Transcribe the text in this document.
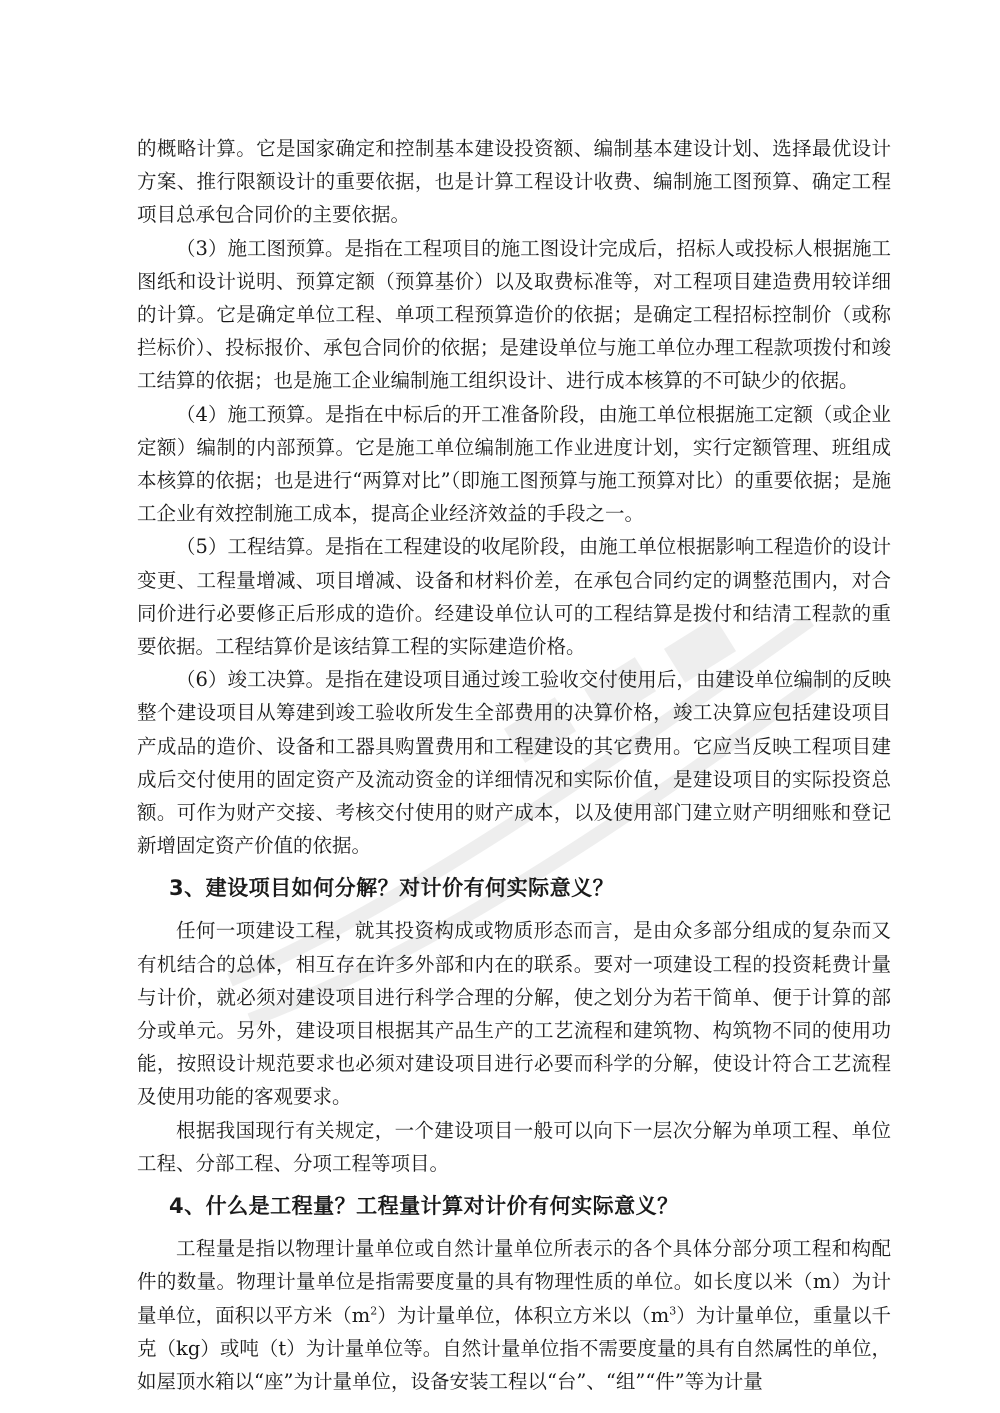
的概略计算。它是国家确定和控制基本建设投资额、编制基本建设计划、选择最优设计方案、推行限额设计的重要依据，也是计算工程设计收费、编制施工图预算、确定工程项目总承包合同价的主要依据。

（3）施工图预算。是指在工程项目的施工图设计完成后，招标人或投标人根据施工图纸和设计说明、预算定额（预算基价）以及取费标准等，对工程项目建造费用较详细的计算。它是确定单位工程、单项工程预算造价的依据；是确定工程招标控制价（或称拦标价）、投标报价、承包合同价的依据；是建设单位与施工单位办理工程款项拨付和竣工结算的依据；也是施工企业编制施工组织设计、进行成本核算的不可缺少的依据。

（4）施工预算。是指在中标后的开工准备阶段，由施工单位根据施工定额（或企业定额）编制的内部预算。它是施工单位编制施工作业进度计划，实行定额管理、班组成本核算的依据；也是进行“两算对比”（即施工图预算与施工预算对比）的重要依据；是施工企业有效控制施工成本，提高企业经济效益的手段之一。

（5）工程结算。是指在工程建设的收尾阶段，由施工单位根据影响工程造价的设计变更、工程量增减、项目增减、设备和材料价差，在承包合同约定的调整范围内，对合同价进行必要修正后形成的造价。经建设单位认可的工程结算是拨付和结清工程款的重要依据。工程结算价是该结算工程的实际建造价格。

（6）竣工决算。是指在建设项目通过竣工验收交付使用后，由建设单位编制的反映整个建设项目从筹建到竣工验收所发生全部费用的决算价格，竣工决算应包括建设项目产成品的造价、设备和工器具购置费用和工程建设的其它费用。它应当反映工程项目建成后交付使用的固定资产及流动资金的详细情况和实际价值，是建设项目的实际投资总额。可作为财产交接、考核交付使用的财产成本，以及使用部门建立财产明细账和登记新增固定资产价值的依据。

3、建设项目如何分解？对计价有何实际意义？

任何一项建设工程，就其投资构成或物质形态而言，是由众多部分组成的复杂而又有机结合的总体，相互存在许多外部和内在的联系。要对一项建设工程的投资耗费计量与计价，就必须对建设项目进行科学合理的分解，使之划分为若干简单、便于计算的部分或单元。另外，建设项目根据其产品生产的工艺流程和建筑物、构筑物不同的使用功能，按照设计规范要求也必须对建设项目进行必要而科学的分解，使设计符合工艺流程及使用功能的客观要求。

根据我国现行有关规定，一个建设项目一般可以向下一层次分解为单项工程、单位工程、分部工程、分项工程等项目。

4、什么是工程量？工程量计算对计价有何实际意义？

工程量是指以物理计量单位或自然计量单位所表示的各个具体分部分项工程和构配件的数量。物理计量单位是指需要度量的具有物理性质的单位。如长度以米（m）为计量单位，面积以平方米$(m^2)$为计量单位，体积立方米以$(m^3)$为计量单位，重量以千克（kg）或吨（t）为计量单位等。自然计量单位指不需要度量的具有自然属性的单位，如屋顶水箱以“座”为计量单位，设备安装工程以“台”、“组”“件”等为计量
